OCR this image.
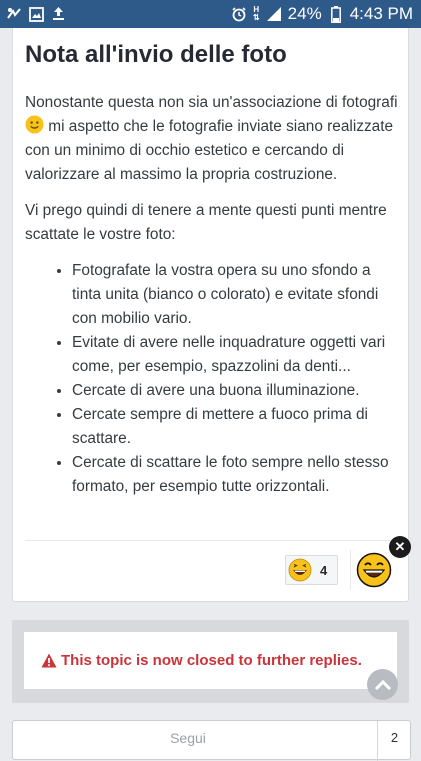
H
⇅ 24% 4:43 PM
Nota all'invio delle foto

Nonostante questa non sia un'associazione di fotografi  mi aspetto che le fotografie inviate siano realizzate con un minimo di occhio estetico e cercando di valorizzare al massimo la propria costruzione.

Vi prego quindi di tenere a mente questi punti mentre scattate le vostre foto:

• Fotografate la vostra opera su uno sfondo a tinta unita (bianco o colorato) e evitate sfondi con mobilio vario.
• Evitate di avere nelle inquadrature oggetti vari come, per esempio, spazzolini da denti...
• Cercate di avere una buona illuminazione.
• Cercate sempre di mettere a fuoco prima di scattare.
• Cercate di scattare le foto sempre nello stesso formato, per esempio tutte orizzontali.
4
✕
This topic is now closed to further replies.
Segui	2
